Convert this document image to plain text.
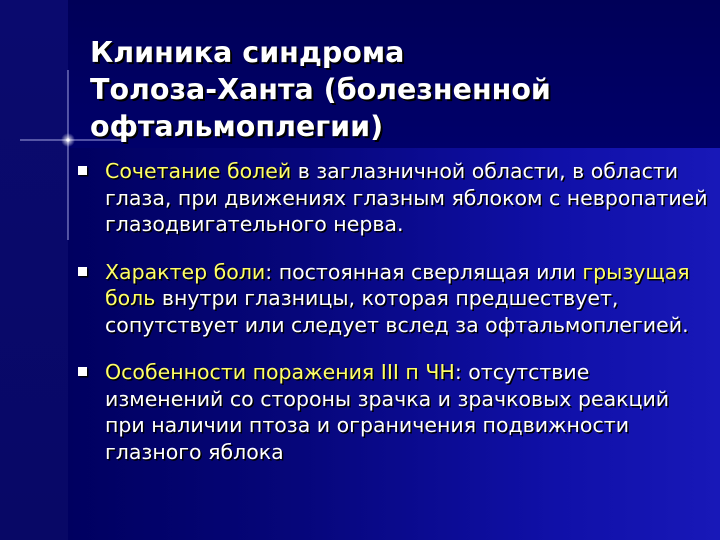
Клиника синдрома
Толоза-Ханта (болезненной
офтальмоплегии)
Сочетание болей в заглазничной области, в области глаза, при движениях глазным яблоком с невропатией глазодвигательного нерва.
Характер боли: постоянная сверлящая или грызущая боль внутри глазницы, которая предшествует, сопутствует или следует вслед за офтальмоплегией.
Особенности поражения III п ЧН: отсутствие изменений со стороны зрачка и зрачковых реакций при наличии птоза и ограничения подвижности глазного яблока
